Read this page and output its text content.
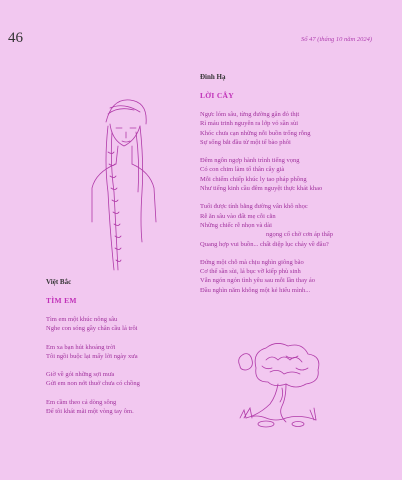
46	Số 47 (tháng 10 năm 2024)
Đinh Hạ
LỜI CÂY
Ngực lóm sâu, từng đường gân đỏ thịt
Rỉ máu trinh nguyên ra lớp vỏ sần sùi
Khóc chưa cạn những nỗi buồn trống rỗng
Sự sống bắt đầu từ một tế bào phôi
Đêm ngôn ngợp hành trình tiếng vọng
Có con chim làm tổ thân cây già
Mỗi chiếm chiếp khúc ly tao pháp phồng
Như tiếng kinh cầu đêm nguyệt thực khát khao
Tuổi được tính bằng đường vân khô nhọc
Rễ ăn sâu vào đất mẹ cỗi cằn
Những chiếc rễ nhọn và dài
ngọng cổ chờ cơn áp thấp
Quang hợp vui buồn... chất diệp lục chảy về đâu?
Đứng một chỗ mà chịu nghìn giông bão
Cơ thể sần sùi, lá bục vỡ kiếp phù sinh
Vẫn ngón ngón tình yêu sau mỗi lần thay áo
Đầu nghìn năm không một kẻ hiểu mình...
Việt Bắc
TÌM EM
Tìm em một khúc nông sâu
Nghe con sóng gầy chân cầu lả trôi
Em xa bạn hút khoảng trời
Tôi ngồi buộc lại mấy lời ngày xưa
Giờ về gói những sợi mưa
Gửi em non nớt thuở chưa có chồng
Em cầm theo cả dòng sông
Để tôi khát mãi một vòng tay ôm.
